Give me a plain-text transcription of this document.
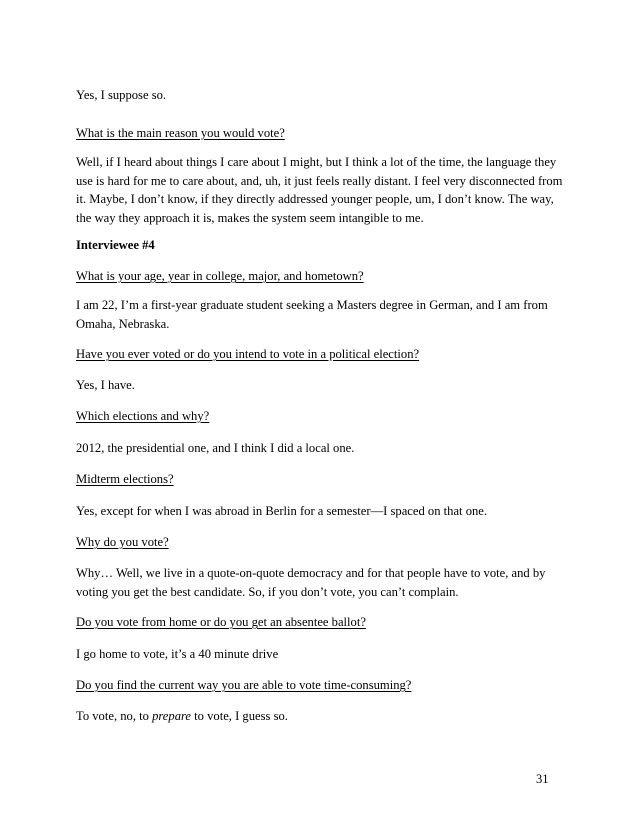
Yes, I suppose so.

What is the main reason you would vote?

Well, if I heard about things I care about I might, but I think a lot of the time, the language they
use is hard for me to care about, and, uh, it just feels really distant. I feel very disconnected from
it. Maybe, I don’t know, if they directly addressed younger people, um, I don’t know. The way,
the way they approach it is, makes the system seem intangible to me.

Interviewee #4

What is your age, year in college, major, and hometown?

I am 22, I’m a first-year graduate student seeking a Masters degree in German, and I am from
Omaha, Nebraska.

Have you ever voted or do you intend to vote in a political election?

Yes, I have.

Which elections and why?

2012, the presidential one, and I think I did a local one.

Midterm elections?

Yes, except for when I was abroad in Berlin for a semester—I spaced on that one.

Why do you vote?

Why… Well, we live in a quote-on-quote democracy and for that people have to vote, and by
voting you get the best candidate. So, if you don’t vote, you can’t complain.

Do you vote from home or do you get an absentee ballot?

I go home to vote, it’s a 40 minute drive

Do you find the current way you are able to vote time-consuming?

To vote, no, to prepare to vote, I guess so.

31
